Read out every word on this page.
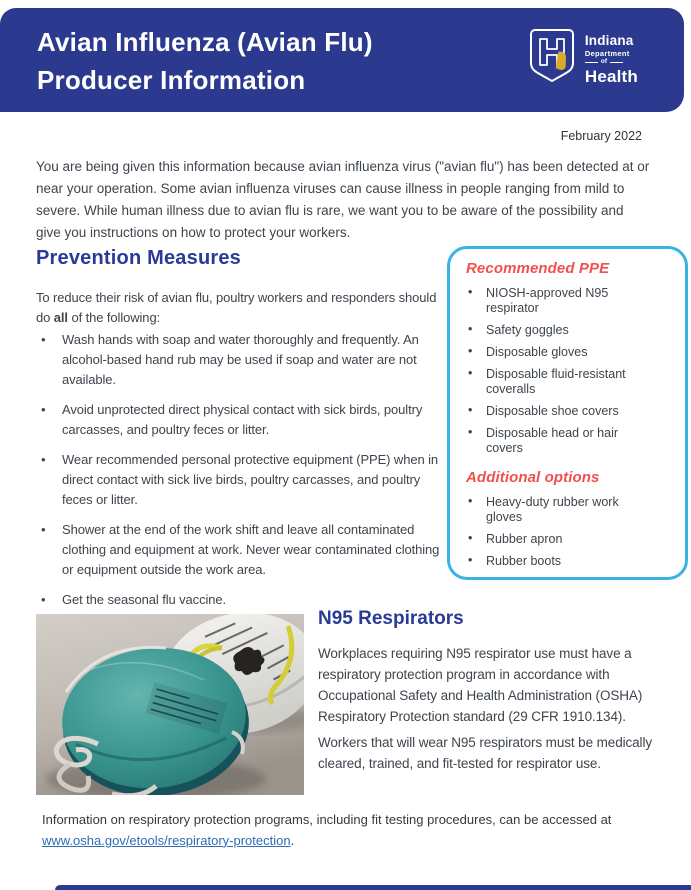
Avian Influenza (Avian Flu)
Producer Information
Indiana
Department
of
Health
February 2022
You are being given this information because avian influenza virus ("avian flu") has been detected at or near your operation. Some avian influenza viruses can cause illness in people ranging from mild to severe. While human illness due to avian flu is rare, we want you to be aware of the possibility and give you instructions on how to protect your workers.
Prevention Measures
To reduce their risk of avian flu, poultry workers and responders should do all of the following:
• Wash hands with soap and water thoroughly and frequently. An alcohol-based hand rub may be used if soap and water are not available.
• Avoid unprotected direct physical contact with sick birds, poultry carcasses, and poultry feces or litter.
• Wear recommended personal protective equipment (PPE) when in direct contact with sick live birds, poultry carcasses, and poultry feces or litter.
• Shower at the end of the work shift and leave all contaminated clothing and equipment at work. Never wear contaminated clothing or equipment outside the work area.
• Get the seasonal flu vaccine.
Recommended PPE
• NIOSH-approved N95 respirator
• Safety goggles
• Disposable gloves
• Disposable fluid-resistant coveralls
• Disposable shoe covers
• Disposable head or hair covers
Additional options
• Heavy-duty rubber work gloves
• Rubber apron
• Rubber boots
N95 Respirators
Workplaces requiring N95 respirator use must have a respiratory protection program in accordance with Occupational Safety and Health Administration (OSHA) Respiratory Protection standard (29 CFR 1910.134).
Workers that will wear N95 respirators must be medically cleared, trained, and fit-tested for respirator use.
Information on respiratory protection programs, including fit testing procedures, can be accessed at www.osha.gov/etools/respiratory-protection.
